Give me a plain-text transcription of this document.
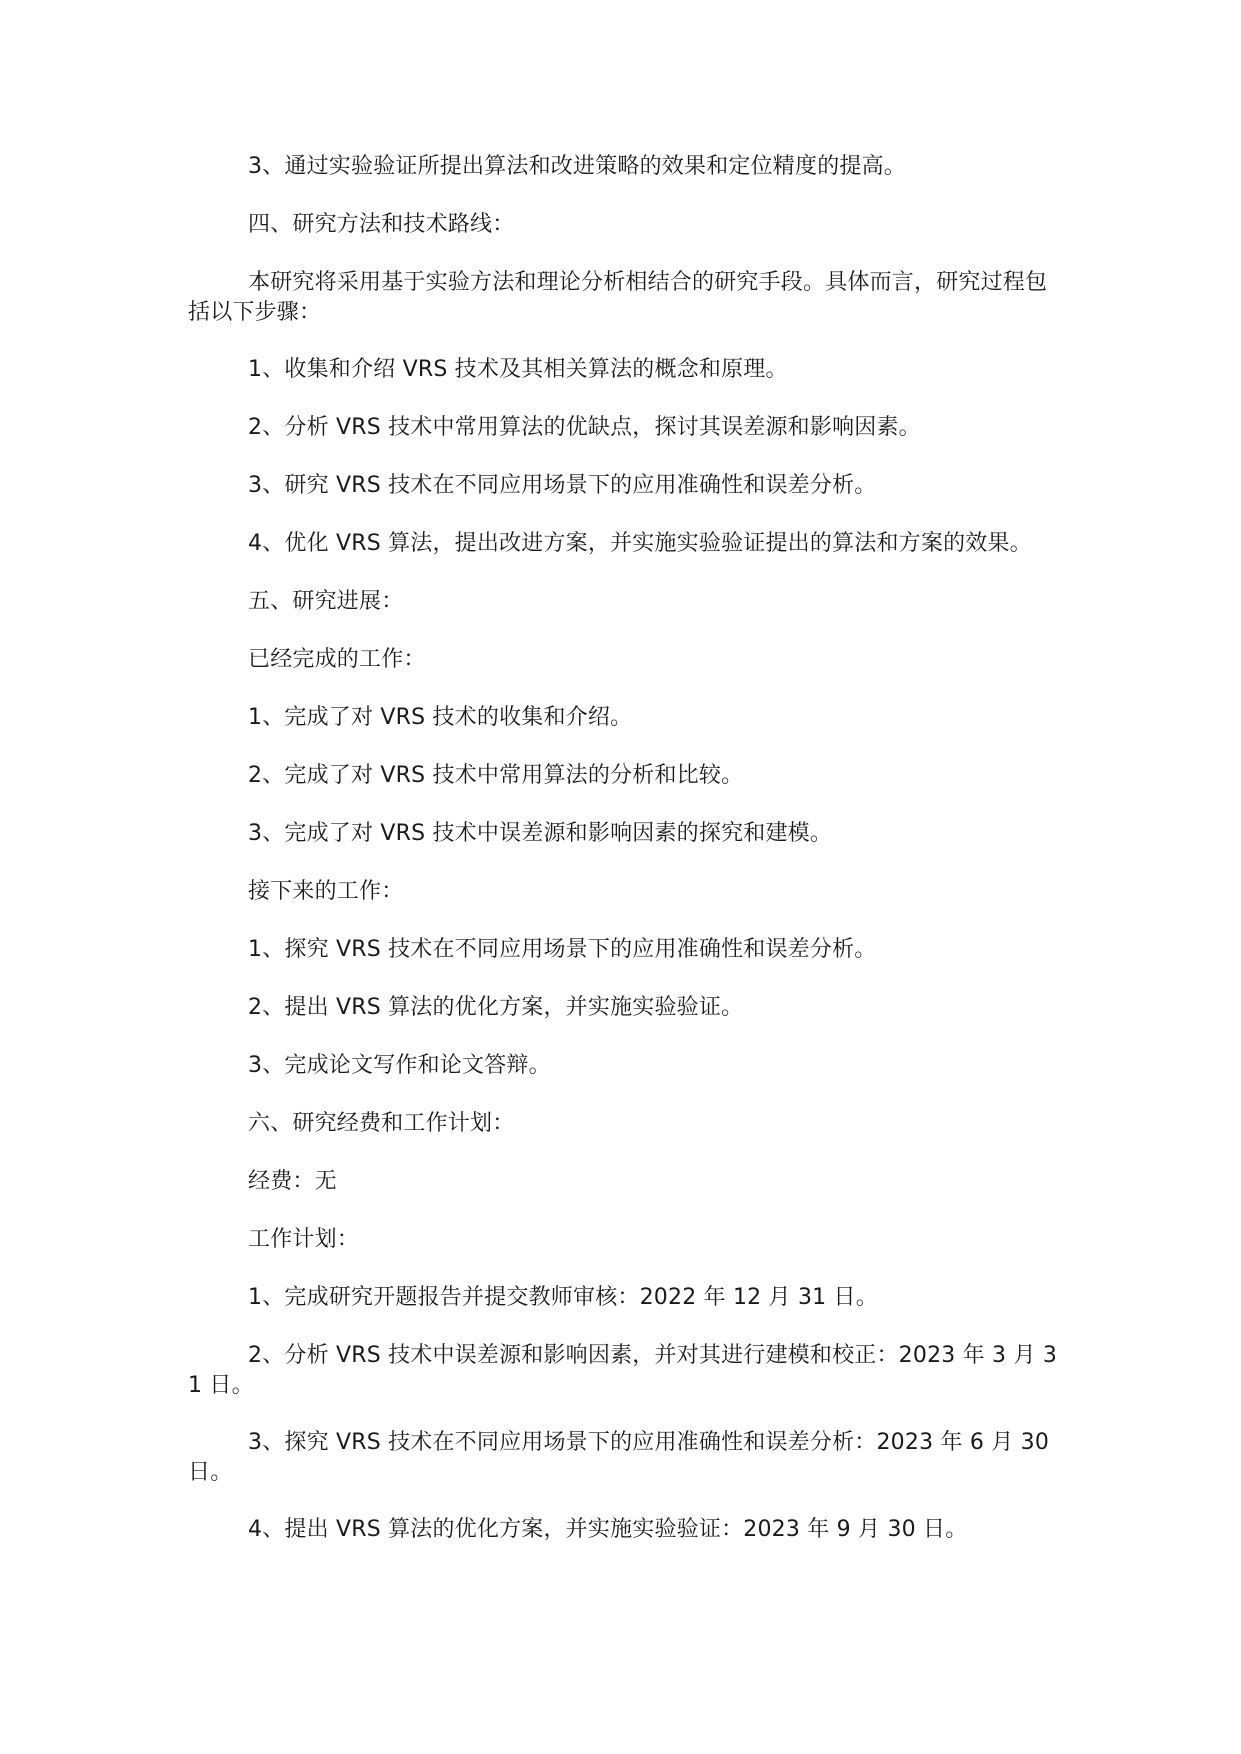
3、通过实验验证所提出算法和改进策略的效果和定位精度的提高。

四、研究方法和技术路线：

本研究将采用基于实验方法和理论分析相结合的研究手段。具体而言，研究过程包括以下步骤：

1、收集和介绍 VRS 技术及其相关算法的概念和原理。

2、分析 VRS 技术中常用算法的优缺点，探讨其误差源和影响因素。

3、研究 VRS 技术在不同应用场景下的应用准确性和误差分析。

4、优化 VRS 算法，提出改进方案，并实施实验验证提出的算法和方案的效果。

五、研究进展：

已经完成的工作：

1、完成了对 VRS 技术的收集和介绍。

2、完成了对 VRS 技术中常用算法的分析和比较。

3、完成了对 VRS 技术中误差源和影响因素的探究和建模。

接下来的工作：

1、探究 VRS 技术在不同应用场景下的应用准确性和误差分析。

2、提出 VRS 算法的优化方案，并实施实验验证。

3、完成论文写作和论文答辩。

六、研究经费和工作计划：

经费：无

工作计划：

1、完成研究开题报告并提交教师审核：2022 年 12 月 31 日。

2、分析 VRS 技术中误差源和影响因素，并对其进行建模和校正：2023 年 3 月 31 日。

3、探究 VRS 技术在不同应用场景下的应用准确性和误差分析：2023 年 6 月 30 日。

4、提出 VRS 算法的优化方案，并实施实验验证：2023 年 9 月 30 日。
